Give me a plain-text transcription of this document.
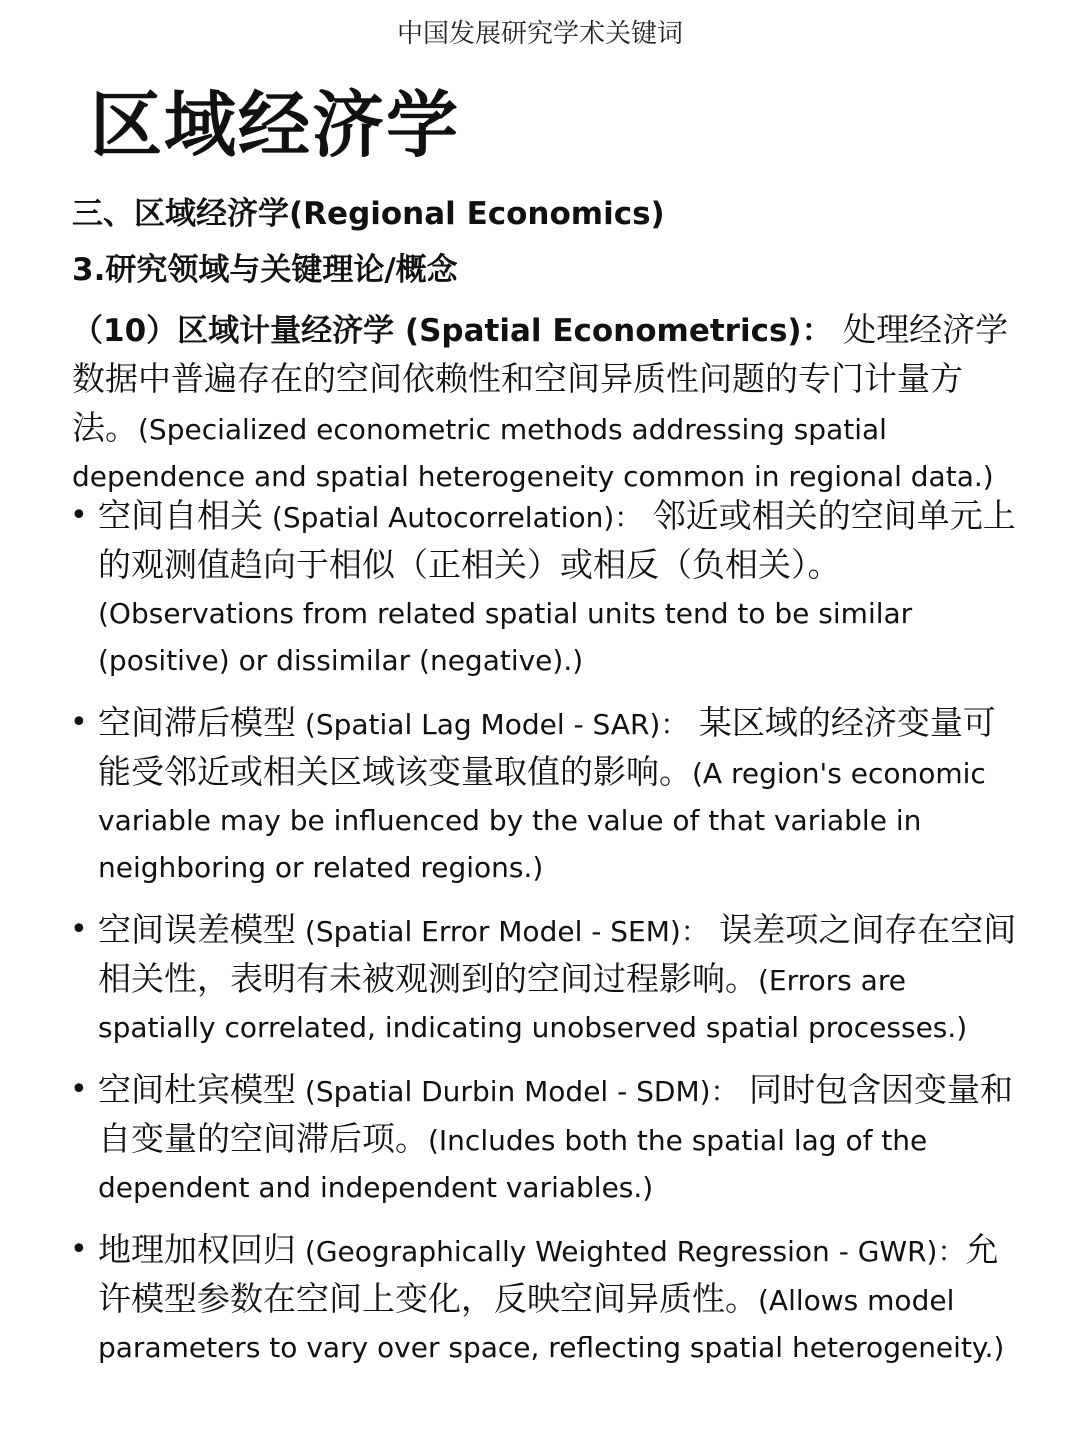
中国发展研究学术关键词
区域经济学
三、区域经济学(Regional Economics)
3.研究领域与关键理论/概念
（10）区域计量经济学 (Spatial Econometrics)： 处理经济学数据中普遍存在的空间依赖性和空间异质性问题的专门计量方法。(Specialized econometric methods addressing spatial dependence and spatial heterogeneity common in regional data.)
• 空间自相关 (Spatial Autocorrelation)： 邻近或相关的空间单元上的观测值趋向于相似（正相关）或相反（负相关）。(Observations from related spatial units tend to be similar (positive) or dissimilar (negative).)
• 空间滞后模型 (Spatial Lag Model - SAR)： 某区域的经济变量可能受邻近或相关区域该变量取值的影响。(A region's economic variable may be influenced by the value of that variable in neighboring or related regions.)
• 空间误差模型 (Spatial Error Model - SEM)： 误差项之间存在空间相关性，表明有未被观测到的空间过程影响。(Errors are spatially correlated, indicating unobserved spatial processes.)
• 空间杜宾模型 (Spatial Durbin Model - SDM)： 同时包含因变量和自变量的空间滞后项。(Includes both the spatial lag of the dependent and independent variables.)
• 地理加权回归 (Geographically Weighted Regression - GWR)：允许模型参数在空间上变化，反映空间异质性。(Allows model parameters to vary over space, reflecting spatial heterogeneity.)
